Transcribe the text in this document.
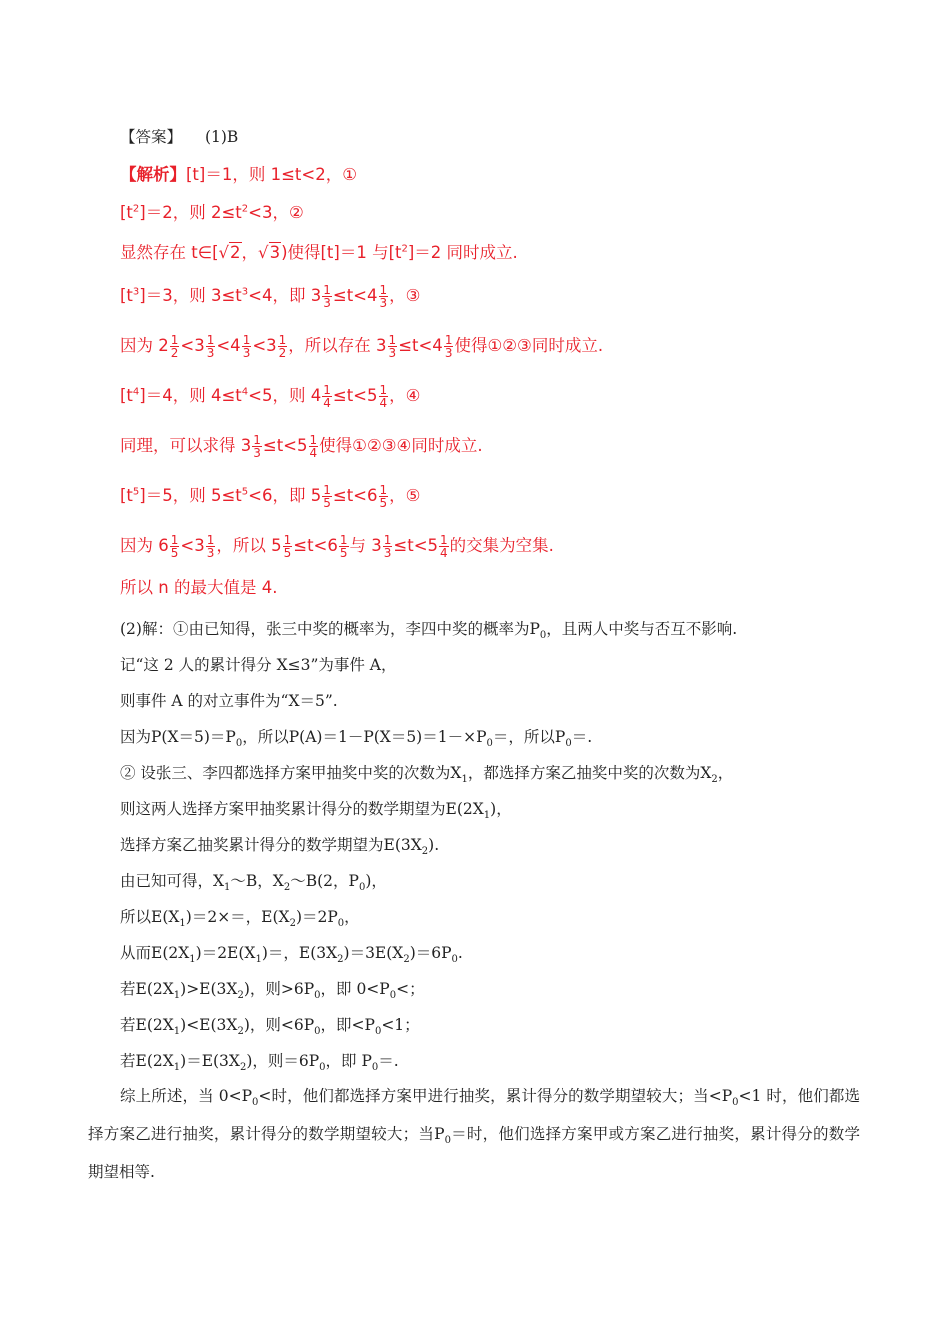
【答案】 (1)B
【解析】[t]＝1，则 1≤t<2，①
$[t^2]=2$，则 $2\le t^2<3$，②
显然存在 t∈[√2，√3)使得[t]＝1 与$[t^2]=2$ 同时成立.
$[t^3]=3$，则 $3\le t^3<4$，即 $3 \frac{1}{3} \le t<4 \frac{1}{3}$ ，③
因为 $2 \frac{1}{2} <3 \frac{1}{3} <4 \frac{1}{3} <3 \frac{1}{2}$ ，所以存在 $3 \frac{1}{3} \le t<4 \frac{1}{3}$ 使得①②③同时成立.
$[t^4]=4$，则 $4\le t^4<5$，则 $4 \frac{1}{4} \le t<5 \frac{1}{4}$ ，④
同理，可以求得 $3 \frac{1}{3} \le t<5 \frac{1}{4}$ 使得①②③④同时成立.
$[t^5]=5$，则 $5\le t^5<6$，即 $5 \frac{1}{5} \le t<6 \frac{1}{5}$ ，⑤
因为 $6 \frac{1}{5} <3 \frac{1}{3}$ ，所以 $5 \frac{1}{5} \le t<6 \frac{1}{5}$ 与 $3 \frac{1}{3} \le t<5 \frac{1}{4}$ 的交集为空集.
所以 n 的最大值是 4.
(2)解：①由已知得，张三中奖的概率为，李四中奖的概率为$P_0$，且两人中奖与否互不影响.
记“这 2 人的累计得分 X≤3”为事件 A，
则事件 A 的对立事件为“X＝5”.
因为$P(X=5)=P_0$，所以$P(A)=1-P(X=5)=1-\times P_0=$，所以$P_0=$.
② 设张三、李四都选择方案甲抽奖中奖的次数为$X_1$，都选择方案乙抽奖中奖的次数为$X_2$，
则这两人选择方案甲抽奖累计得分的数学期望为$E(2X_1)$，
选择方案乙抽奖累计得分的数学期望为$E(3X_2)$.
由已知可得，$X_1\sim B$，$X_2\sim B(2$，$P_0$)，
所以$E(X_1)=2\times=$，$E(X_2)=2P_0$，
从而$E(2X_1)=2E(X_1)=$，$E(3X_2)=3E(X_2)=6P_0$.
若$E(2X_1)>E(3X_2)$，则$>6P_0$，即 $0<P_0<$；
若$E(2X_1)<E(3X_2)$，则$<6P_0$，即$<P_0<1$；
若$E(2X_1)=E(3X_2)$，则$=6P_0$，即 $P_0=$.
综上所述，当 $0<P_0<$时，他们都选择方案甲进行抽奖，累计得分的数学期望较大；当$<P_0<1$ 时，他们都选择方案乙进行抽奖，累计得分的数学期望较大；当$P_0=$时，他们选择方案甲或方案乙进行抽奖，累计得分的数学期望相等.
